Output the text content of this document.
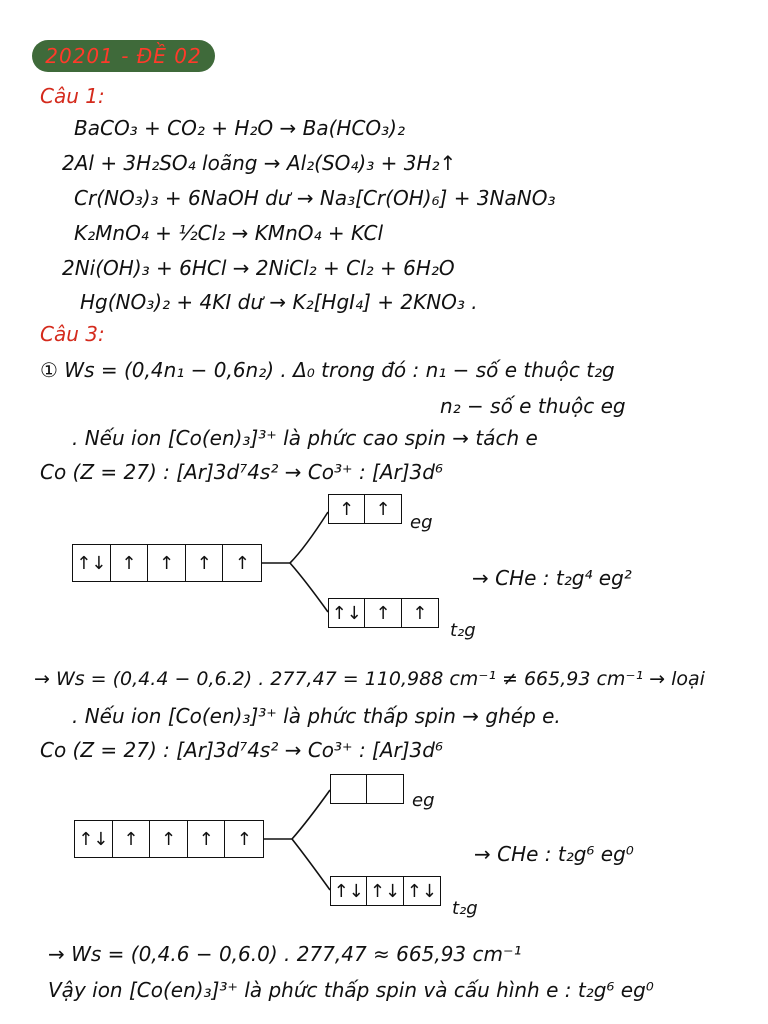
20201 - ĐỀ 02
Câu 1:
BaCO₃ + CO₂ + H₂O → Ba(HCO₃)₂
2Al + 3H₂SO₄ loãng → Al₂(SO₄)₃ + 3H₂↑
Cr(NO₃)₃ + 6NaOH dư → Na₃[Cr(OH)₆] + 3NaNO₃
K₂MnO₄ + ½Cl₂ → KMnO₄ + KCl
2Ni(OH)₃ + 6HCl → 2NiCl₂ + Cl₂ + 6H₂O
Hg(NO₃)₂ + 4KI dư → K₂[HgI₄] + 2KNO₃ .
Câu 3:
① Ws = (0,4n₁ − 0,6n₂) . Δ₀ trong đó : n₁ − số e thuộc t₂g
n₂ − số e thuộc eg
. Nếu ion [Co(en)₃]³⁺ là phức cao spin → tách e
Co (Z = 27) : [Ar]3d⁷4s² → Co³⁺ : [Ar]3d⁶
↑↓ ↑	↑	↑	↑
↑	↑
↑↓ ↑	↑
eg
t₂g
→ CHe : t₂g⁴ eg²
→ Ws = (0,4.4 − 0,6.2) . 277,47 = 110,988 cm⁻¹ ≠ 665,93 cm⁻¹ → loại
. Nếu ion [Co(en)₃]³⁺ là phức thấp spin → ghép e.
Co (Z = 27) : [Ar]3d⁷4s² → Co³⁺ : [Ar]3d⁶
↑↓ ↑	↑	↑	↑
↑↓ ↑↓ ↑↓
eg
t₂g
→ CHe : t₂g⁶ eg⁰
→ Ws = (0,4.6 − 0,6.0) . 277,47 ≈ 665,93 cm⁻¹
Vậy ion [Co(en)₃]³⁺ là phức thấp spin và cấu hình e : t₂g⁶ eg⁰
